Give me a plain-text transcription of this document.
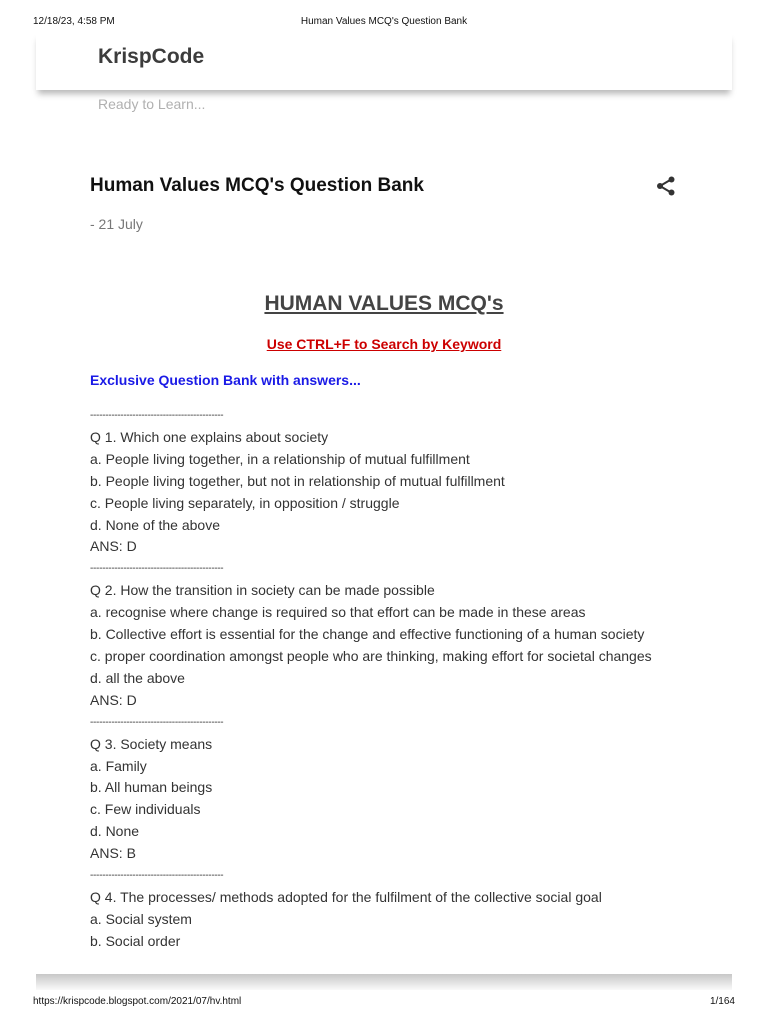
12/18/23, 4:58 PM	Human Values MCQ's Question Bank
KrispCode
Ready to Learn...
Human Values MCQ's Question Bank
- 21 July
HUMAN VALUES MCQ's
Use CTRL+F to Search by Keyword
Exclusive Question Bank with answers...
--------------------------------------------
Q 1. Which one explains about society
a. People living together, in a relationship of mutual fulfillment
b. People living together, but not in relationship of mutual fulfillment
c. People living separately, in opposition / struggle
d. None of the above
ANS: D
--------------------------------------------
Q 2. How the transition in society can be made possible
a. recognise where change is required so that effort can be made in these areas
b. Collective effort is essential for the change and effective functioning of a human society
c. proper coordination amongst people who are thinking, making effort for societal changes
d. all the above
ANS: D
--------------------------------------------
Q 3. Society means
a. Family
b. All human beings
c. Few individuals
d. None
ANS: B
--------------------------------------------
Q 4. The processes/ methods adopted for the fulfilment of the collective social goal
a. Social system
b. Social order
https://krispcode.blogspot.com/2021/07/hv.html	1/164
